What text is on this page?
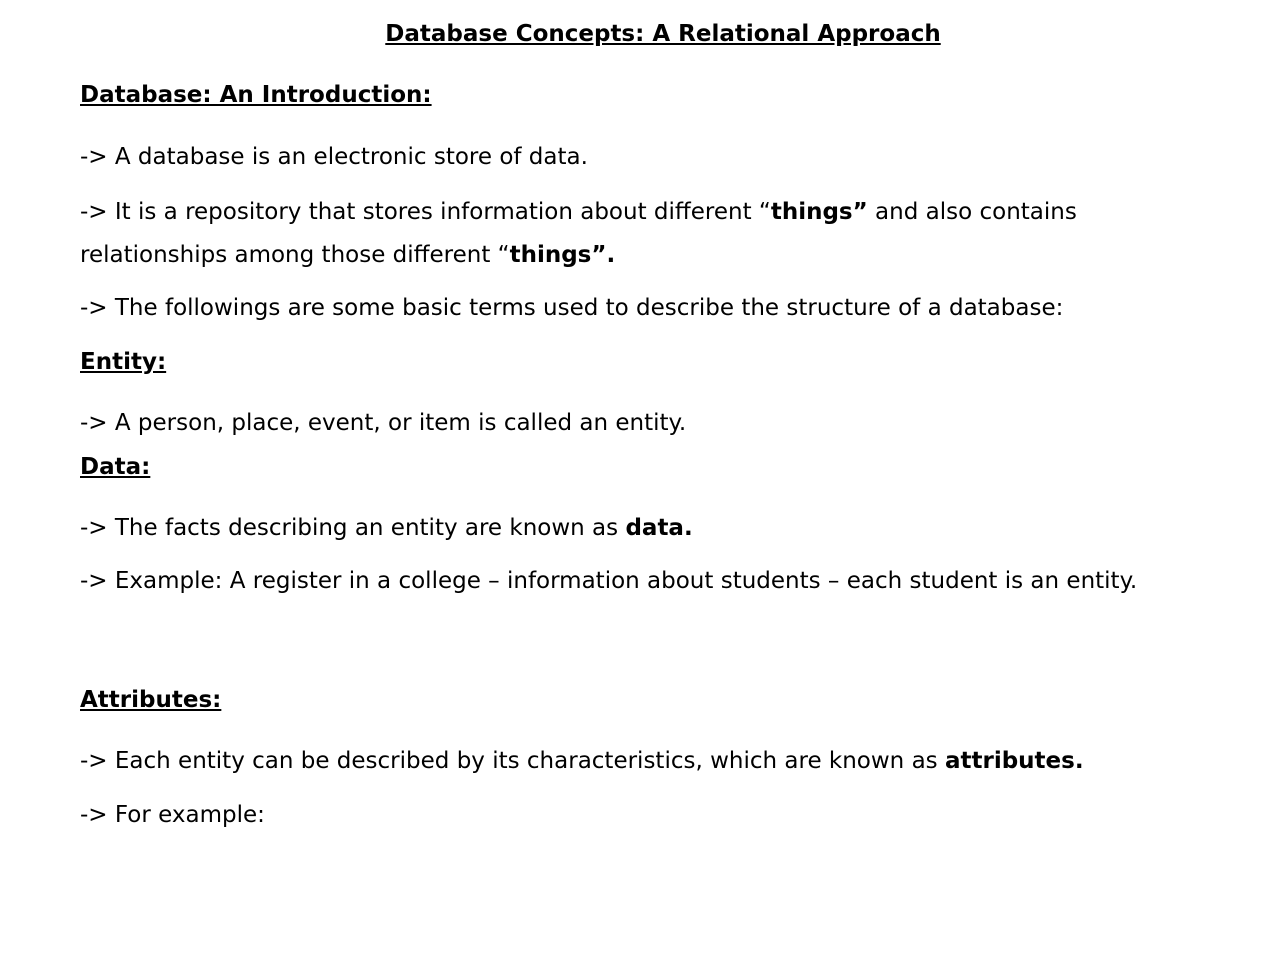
Database Concepts: A Relational Approach
Database: An Introduction:
-> A database is an electronic store of data.
-> It is a repository that stores information about different “things” and also contains
relationships among those different “things”.
-> The followings are some basic terms used to describe the structure of a database:
Entity:
-> A person, place, event, or item is called an entity.
Data:
-> The facts describing an entity are known as data.
-> Example: A register in a college – information about students – each student is an entity.
Attributes:
-> Each entity can be described by its characteristics, which are known as attributes.
-> For example:
